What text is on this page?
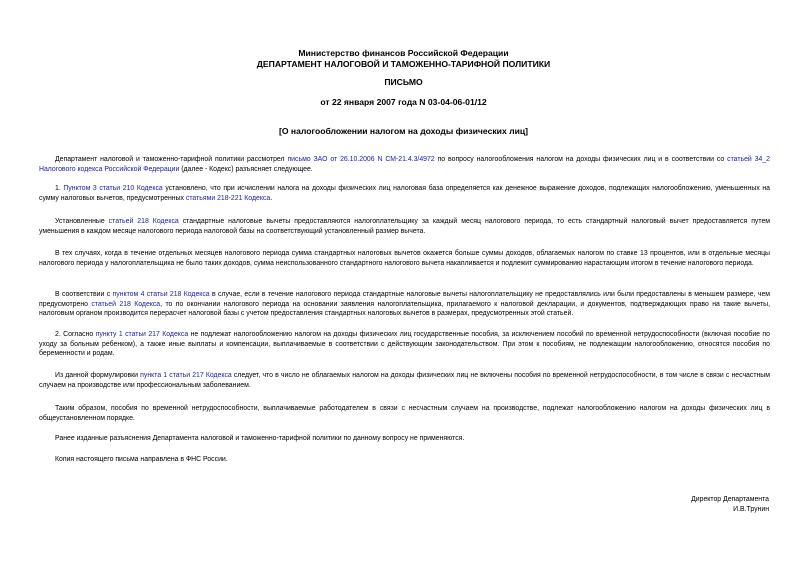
Министерство финансов Российской Федерации
ДЕПАРТАМЕНТ НАЛОГОВОЙ И ТАМОЖЕННО-ТАРИФНОЙ ПОЛИТИКИ
ПИСЬМО
от 22 января 2007 года N 03-04-06-01/12
[О налогообложении налогом на доходы физических лиц]

Департамент налоговой и таможенно-тарифной политики рассмотрел письмо ЗАО от 26.10.2006 N СМ-21.4.3/4972 по вопросу налогообложения налогом на доходы физических лиц и в соответствии со статьей 34_2 Налогового кодекса Российской Федерации (далее - Кодекс) разъясняет следующее.

1. Пунктом 3 статьи 210 Кодекса установлено, что при исчислении налога на доходы физических лиц налоговая база определяется как денежное выражение доходов, подлежащих налогообложению, уменьшенных на сумму налоговых вычетов, предусмотренных статьями 218-221 Кодекса.

Установленные статьей 218 Кодекса стандартные налоговые вычеты предоставляются налогоплательщику за каждый месяц налогового периода, то есть стандартный налоговый вычет предоставляется путем уменьшения в каждом месяце налогового периода налоговой базы на соответствующий установленный размер вычета.

В тех случаях, когда в течение отдельных месяцев налогового периода сумма стандартных налоговых вычетов окажется больше суммы доходов, облагаемых налогом по ставке 13 процентов, или в отдельные месяцы налогового периода у налогоплательщика не было таких доходов, сумма неиспользованного стандартного налогового вычета накапливается и подлежит суммированию нарастающим итогом в течение налогового периода.

В соответствии с пунктом 4 статьи 218 Кодекса в случае, если в течение налогового периода стандартные налоговые вычеты налогоплательщику не предоставлялись или были предоставлены в меньшем размере, чем предусмотрено статьей 218 Кодекса, то по окончании налогового периода на основании заявления налогоплательщика, прилагаемого к налоговой декларации, и документов, подтверждающих право на такие вычеты, налоговым органом производится перерасчет налоговой базы с учетом предоставления стандартных налоговых вычетов в размерах, предусмотренных этой статьей.

2. Согласно пункту 1 статьи 217 Кодекса не подлежат налогообложению налогом на доходы физических лиц государственные пособия, за исключением пособий по временной нетрудоспособности (включая пособие по уходу за больным ребенком), а также иные выплаты и компенсации, выплачиваемые в соответствии с действующим законодательством. При этом к пособиям, не подлежащим налогообложению, относятся пособия по беременности и родам.

Из данной формулировки пункта 1 статьи 217 Кодекса следует, что в число не облагаемых налогом на доходы физических лиц не включены пособия по временной нетрудоспособности, в том числе в связи с несчастным случаем на производстве или профессиональным заболеванием.

Таким образом, пособия по временной нетрудоспособности, выплачиваемые работодателем в связи с несчастным случаем на производстве, подлежат налогообложению налогом на доходы физических лиц в общеустановленном порядке.

Ранее изданные разъяснения Департамента налоговой и таможенно-тарифной политики по данному вопросу не применяются.

Копия настоящего письма направлена в ФНС России.

Директор Департамента
И.В.Трунин
